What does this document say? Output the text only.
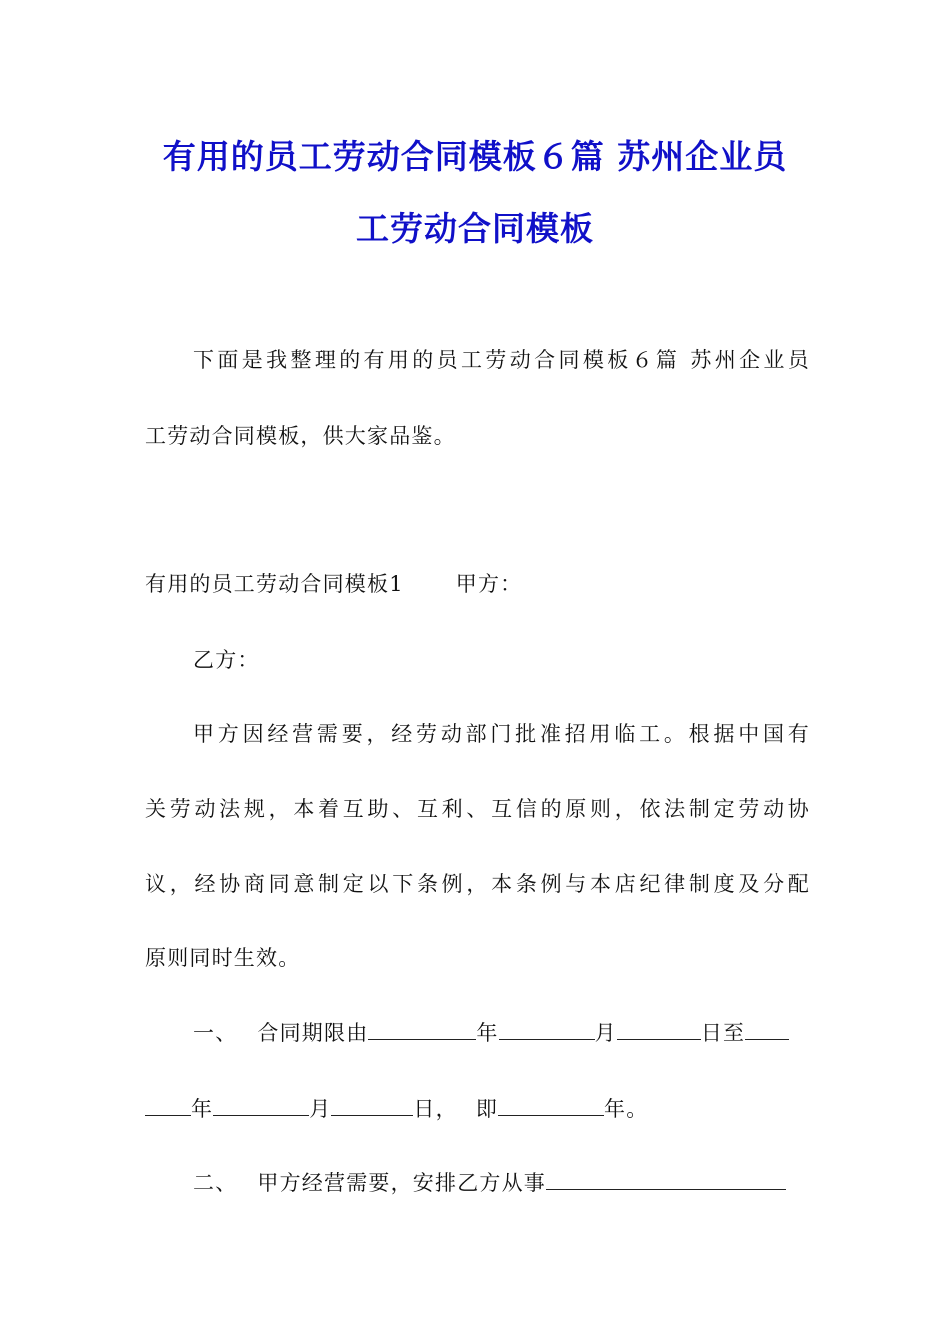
有用的员工劳动合同模板６篇 苏州企业员
工劳动合同模板
下面是我整理的有用的员工劳动合同模板６篇 苏州企业员
工劳动合同模板，供大家品鉴。
有用的员工劳动合同模板1 甲方：
乙方：
甲方因经营需要，经劳动部门批准招用临工。根据中国有
关劳动法规，本着互助、互利、互信的原则，依法制定劳动协
议，经协商同意制定以下条例，本条例与本店纪律制度及分配
原则同时生效。
一、 合同期限由	年	月	日至
年	月	日， 即	年。
二、 甲方经营需要，安排乙方从事
